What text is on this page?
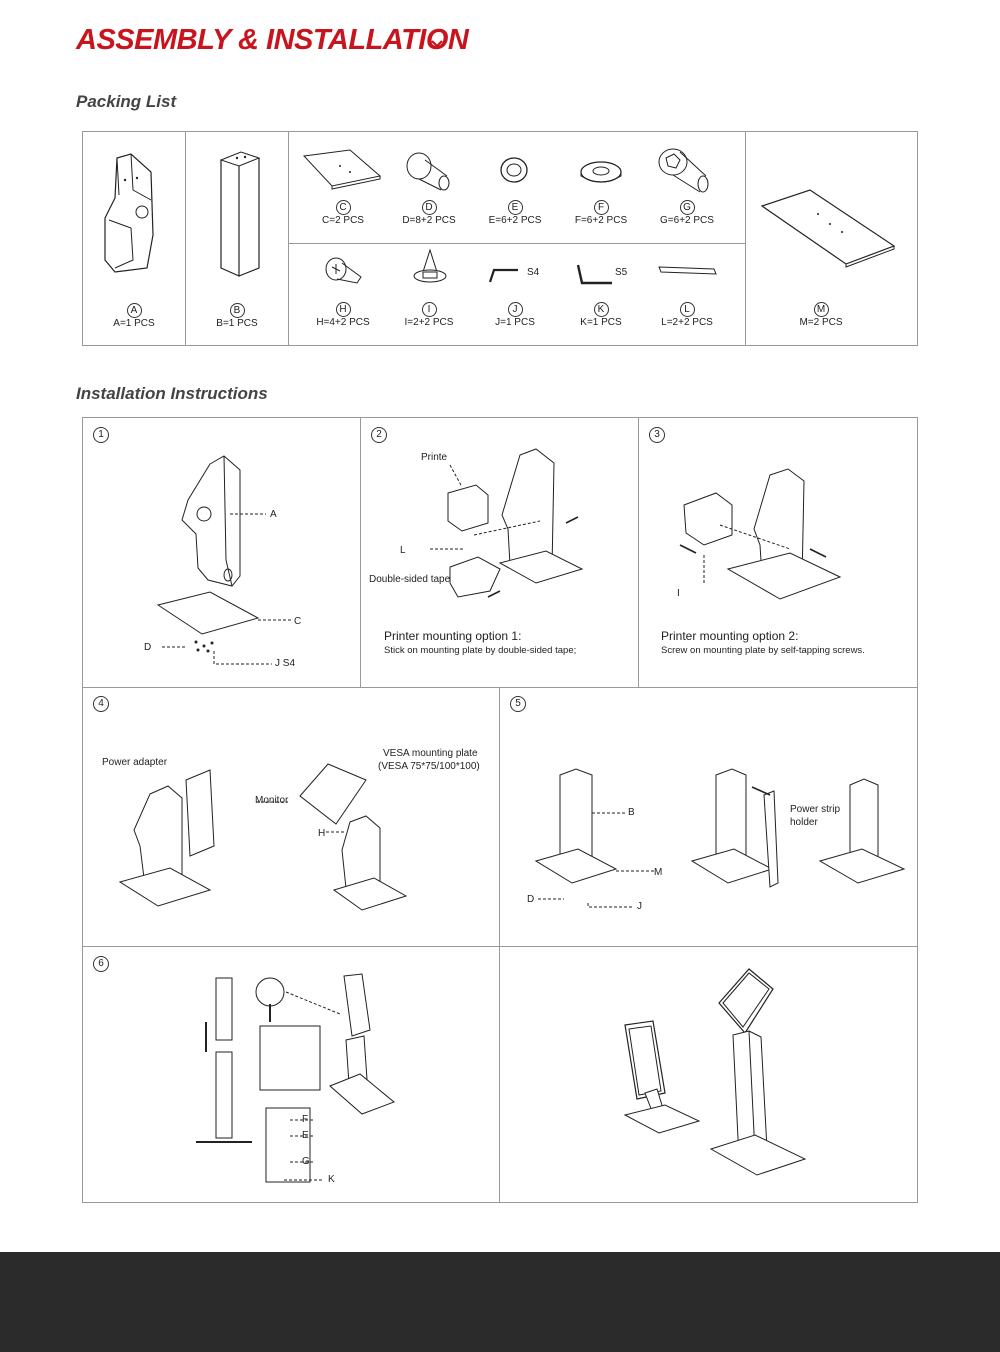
ASSEMBLY & INSTALLATION
Packing List
A
A=1 PCS
B
B=1 PCS
C
C=2 PCS
D
D=8+2 PCS
E
E=6+2 PCS
F
F=6+2 PCS
G
G=6+2 PCS
H
H=4+2 PCS
I
I=2+2 PCS
S4
J
J=1 PCS
S5
K
K=1 PCS
L
L=2+2 PCS
M
M=2 PCS
Installation Instructions
1
A
C
D
J S4
2
Printe
L
Double-sided tape
Printer mounting option 1:
Stick on mounting plate by double-sided tape;
3
I
Printer mounting option 2:
Screw on mounting plate by self-tapping screws.
4
Power adapter
VESA mounting plate
(VESA 75*75/100*100)
Monitor
H
5
B
M
D
J
Power strip
holder
6
F
E
G
K
